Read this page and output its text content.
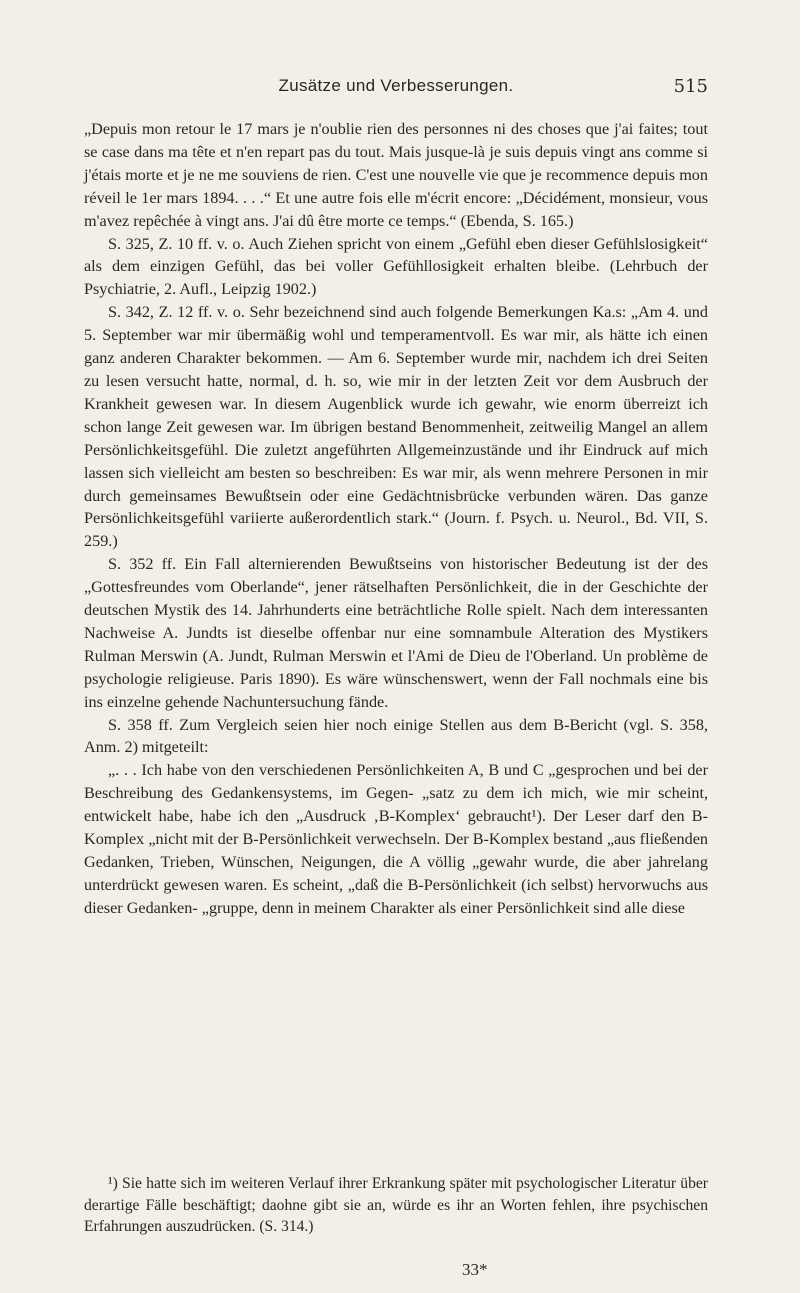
Zusätze und Verbesserungen.	515

„Depuis mon retour le 17 mars je n'oublie rien des personnes ni des choses que j'ai faites; tout se case dans ma tête et n'en repart pas du tout. Mais jusque-là je suis depuis vingt ans comme si j'étais morte et je ne me souviens de rien. C'est une nouvelle vie que je recommence depuis mon réveil le 1er mars 1894. . . .“ Et une autre fois elle m'écrit encore: „Décidément, monsieur, vous m'avez repêchée à vingt ans. J'ai dû être morte ce temps.“ (Ebenda, S. 165.)

S. 325, Z. 10 ff. v. o. Auch Ziehen spricht von einem „Gefühl eben dieser Gefühlslosigkeit“ als dem einzigen Gefühl, das bei voller Gefühllosigkeit erhalten bleibe. (Lehrbuch der Psychiatrie, 2. Aufl., Leipzig 1902.)

S. 342, Z. 12 ff. v. o. Sehr bezeichnend sind auch folgende Bemerkungen Ka.s: „Am 4. und 5. September war mir übermäßig wohl und temperamentvoll. Es war mir, als hätte ich einen ganz anderen Charakter bekommen. — Am 6. September wurde mir, nachdem ich drei Seiten zu lesen versucht hatte, normal, d. h. so, wie mir in der letzten Zeit vor dem Ausbruch der Krankheit gewesen war. In diesem Augenblick wurde ich gewahr, wie enorm überreizt ich schon lange Zeit gewesen war. Im übrigen bestand Benommenheit, zeitweilig Mangel an allem Persönlichkeitsgefühl. Die zuletzt angeführten Allgemeinzustände und ihr Eindruck auf mich lassen sich vielleicht am besten so beschreiben: Es war mir, als wenn mehrere Personen in mir durch gemeinsames Bewußtsein oder eine Gedächtnisbrücke verbunden wären. Das ganze Persönlichkeitsgefühl variierte außerordentlich stark.“ (Journ. f. Psych. u. Neurol., Bd. VII, S. 259.)

S. 352 ff. Ein Fall alternierenden Bewußtseins von historischer Bedeutung ist der des „Gottesfreundes vom Oberlande“, jener rätselhaften Persönlichkeit, die in der Geschichte der deutschen Mystik des 14. Jahrhunderts eine beträchtliche Rolle spielt. Nach dem interessanten Nachweise A. Jundts ist dieselbe offenbar nur eine somnambule Alteration des Mystikers Rulman Merswin (A. Jundt, Rulman Merswin et l'Ami de Dieu de l'Oberland. Un problème de psychologie religieuse. Paris 1890). Es wäre wünschenswert, wenn der Fall nochmals eine bis ins einzelne gehende Nachuntersuchung fände.

S. 358 ff. Zum Vergleich seien hier noch einige Stellen aus dem B-Bericht (vgl. S. 358, Anm. 2) mitgeteilt:

„. . . Ich habe von den verschiedenen Persönlichkeiten A, B und C „gesprochen und bei der Beschreibung des Gedankensystems, im Gegen- „satz zu dem ich mich, wie mir scheint, entwickelt habe, habe ich den „Ausdruck ‚B-Komplex‘ gebraucht¹). Der Leser darf den B-Komplex „nicht mit der B-Persönlichkeit verwechseln. Der B-Komplex bestand „aus fließenden Gedanken, Trieben, Wünschen, Neigungen, die A völlig „gewahr wurde, die aber jahrelang unterdrückt gewesen waren. Es scheint, „daß die B-Persönlichkeit (ich selbst) hervorwuchs aus dieser Gedanken- „gruppe, denn in meinem Charakter als einer Persönlichkeit sind alle diese

¹) Sie hatte sich im weiteren Verlauf ihrer Erkrankung später mit psychologischer Literatur über derartige Fälle beschäftigt; daohne gibt sie an, würde es ihr an Worten fehlen, ihre psychischen Erfahrungen auszudrücken. (S. 314.)

33*
